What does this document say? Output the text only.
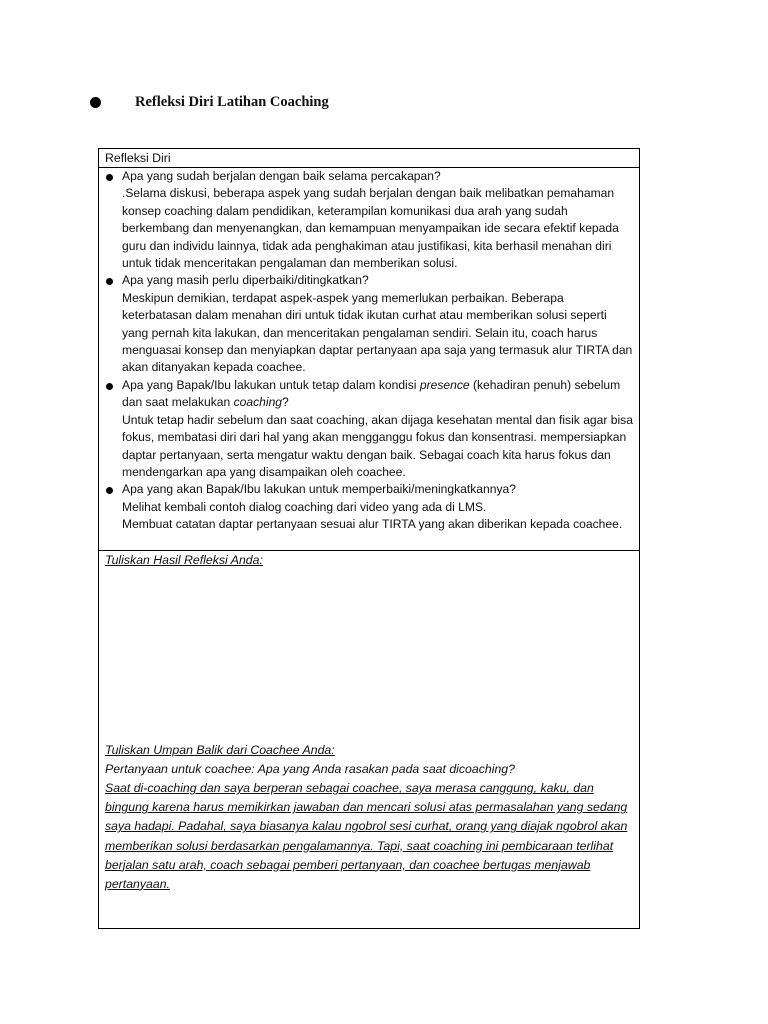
Refleksi Diri Latihan Coaching
Refleksi Diri
Apa yang sudah berjalan dengan baik selama percakapan?
.Selama diskusi, beberapa aspek yang sudah berjalan dengan baik melibatkan pemahaman konsep coaching dalam pendidikan, keterampilan komunikasi dua arah yang sudah berkembang dan menyenangkan, dan kemampuan menyampaikan ide secara efektif kepada guru dan individu lainnya, tidak ada penghakiman atau justifikasi, kita berhasil menahan diri untuk tidak menceritakan pengalaman dan memberikan solusi.
Apa yang masih perlu diperbaiki/ditingkatkan?
Meskipun demikian, terdapat aspek-aspek yang memerlukan perbaikan. Beberapa keterbatasan dalam menahan diri untuk tidak ikutan curhat atau memberikan solusi seperti yang pernah kita lakukan, dan menceritakan pengalaman sendiri. Selain itu, coach harus menguasai konsep dan menyiapkan daptar pertanyaan apa saja yang termasuk alur TIRTA dan akan ditanyakan kepada coachee.
Apa yang Bapak/Ibu lakukan untuk tetap dalam kondisi presence (kehadiran penuh) sebelum dan saat melakukan coaching?
Untuk tetap hadir sebelum dan saat coaching, akan dijaga kesehatan mental dan fisik agar bisa fokus, membatasi diri dari hal yang akan mengganggu fokus dan konsentrasi. mempersiapkan daptar pertanyaan, serta mengatur waktu dengan baik. Sebagai coach kita harus fokus dan mendengarkan apa yang disampaikan oleh coachee.
Apa yang akan Bapak/Ibu lakukan untuk memperbaiki/meningkatkannya?
Melihat kembali contoh dialog coaching dari video yang ada di LMS.
Membuat catatan daptar pertanyaan sesuai alur TIRTA yang akan diberikan kepada coachee.
Tuliskan Hasil Refleksi Anda:
Tuliskan Umpan Balik dari Coachee Anda:
Pertanyaan untuk coachee: Apa yang Anda rasakan pada saat dicoaching?
Saat di-coaching dan saya berperan sebagai coachee, saya merasa canggung, kaku, dan bingung karena harus memikirkan jawaban dan mencari solusi atas permasalahan yang sedang saya hadapi. Padahal, saya biasanya kalau ngobrol sesi curhat, orang yang diajak ngobrol akan memberikan solusi berdasarkan pengalamannya. Tapi, saat coaching ini pembicaraan terlihat berjalan satu arah, coach sebagai pemberi pertanyaan, dan coachee bertugas menjawab pertanyaan.
